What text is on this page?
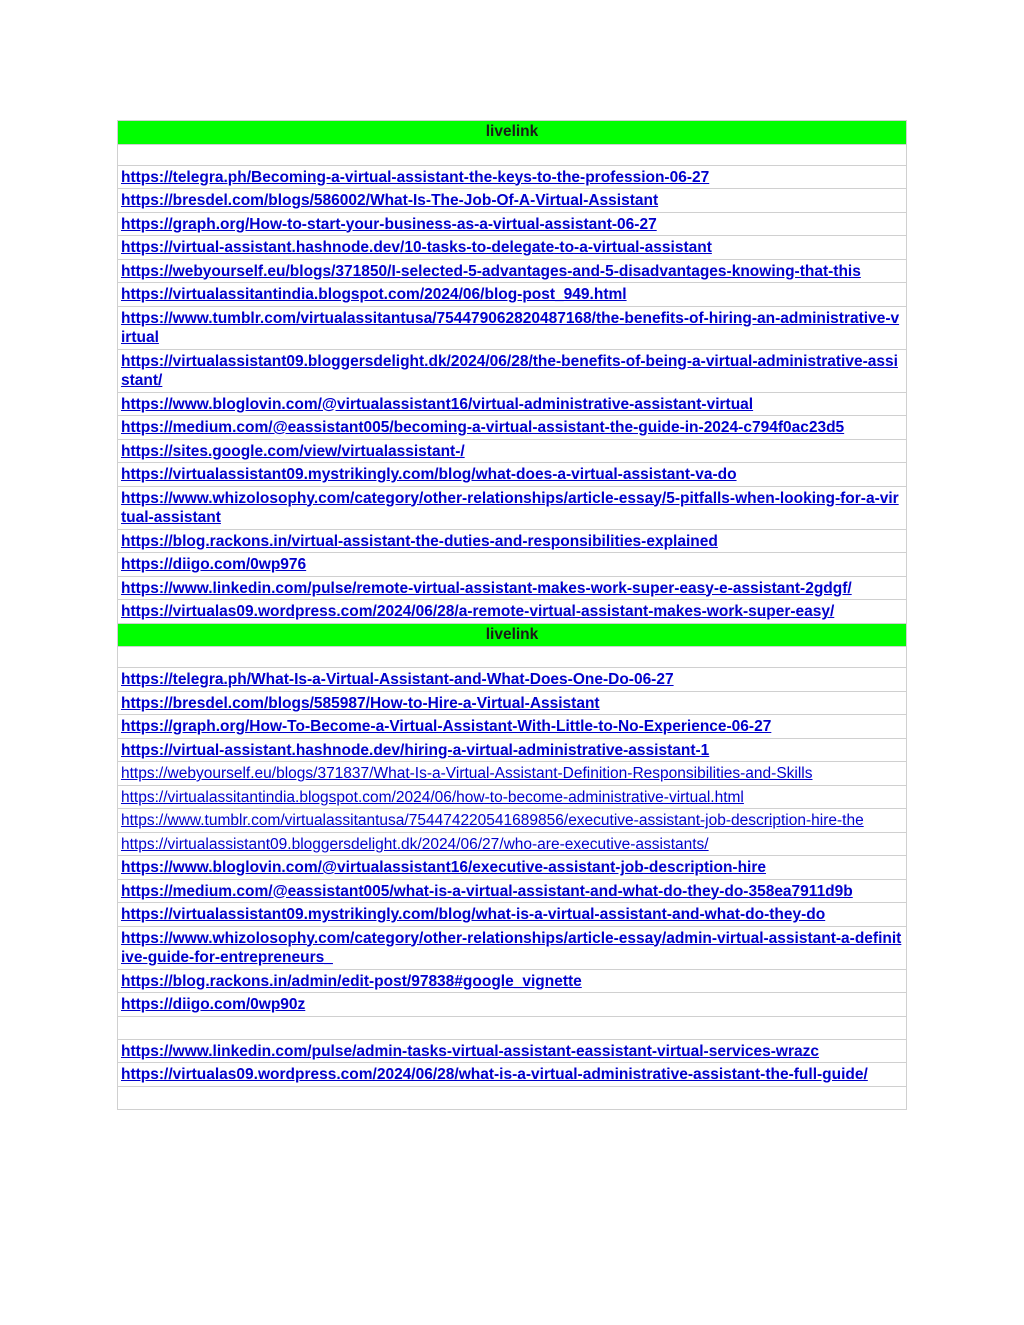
livelink
https://telegra.ph/Becoming-a-virtual-assistant-the-keys-to-the-profession-06-27
https://bresdel.com/blogs/586002/What-Is-The-Job-Of-A-Virtual-Assistant
https://graph.org/How-to-start-your-business-as-a-virtual-assistant-06-27
https://virtual-assistant.hashnode.dev/10-tasks-to-delegate-to-a-virtual-assistant
https://webyourself.eu/blogs/371850/I-selected-5-advantages-and-5-disadvantages-knowing-that-this
https://virtualassitantindia.blogspot.com/2024/06/blog-post_949.html
https://www.tumblr.com/virtualassitantusa/754479062820487168/the-benefits-of-hiring-an-administrative-virtual
https://virtualassistant09.bloggersdelight.dk/2024/06/28/the-benefits-of-being-a-virtual-administrative-assistant/
https://www.bloglovin.com/@virtualassistant16/virtual-administrative-assistant-virtual
https://medium.com/@eassistant005/becoming-a-virtual-assistant-the-guide-in-2024-c794f0ac23d5
https://sites.google.com/view/virtualassistant-/
https://virtualassistant09.mystrikingly.com/blog/what-does-a-virtual-assistant-va-do
https://www.whizolosophy.com/category/other-relationships/article-essay/5-pitfalls-when-looking-for-a-virtual-assistant
https://blog.rackons.in/virtual-assistant-the-duties-and-responsibilities-explained
https://diigo.com/0wp976
https://www.linkedin.com/pulse/remote-virtual-assistant-makes-work-super-easy-e-assistant-2gdgf/
https://virtualas09.wordpress.com/2024/06/28/a-remote-virtual-assistant-makes-work-super-easy/
livelink
https://telegra.ph/What-Is-a-Virtual-Assistant-and-What-Does-One-Do-06-27
https://bresdel.com/blogs/585987/How-to-Hire-a-Virtual-Assistant
https://graph.org/How-To-Become-a-Virtual-Assistant-With-Little-to-No-Experience-06-27
https://virtual-assistant.hashnode.dev/hiring-a-virtual-administrative-assistant-1
https://webyourself.eu/blogs/371837/What-Is-a-Virtual-Assistant-Definition-Responsibilities-and-Skills
https://virtualassitantindia.blogspot.com/2024/06/how-to-become-administrative-virtual.html
https://www.tumblr.com/virtualassitantusa/754474220541689856/executive-assistant-job-description-hire-the
https://virtualassistant09.bloggersdelight.dk/2024/06/27/who-are-executive-assistants/
https://www.bloglovin.com/@virtualassistant16/executive-assistant-job-description-hire
https://medium.com/@eassistant005/what-is-a-virtual-assistant-and-what-do-they-do-358ea7911d9b
https://virtualassistant09.mystrikingly.com/blog/what-is-a-virtual-assistant-and-what-do-they-do
https://www.whizolosophy.com/category/other-relationships/article-essay/admin-virtual-assistant-a-definitive-guide-for-entrepreneurs_
https://blog.rackons.in/admin/edit-post/97838#google_vignette
https://diigo.com/0wp90z
https://www.linkedin.com/pulse/admin-tasks-virtual-assistant-eassistant-virtual-services-wrazc
https://virtualas09.wordpress.com/2024/06/28/what-is-a-virtual-administrative-assistant-the-full-guide/
